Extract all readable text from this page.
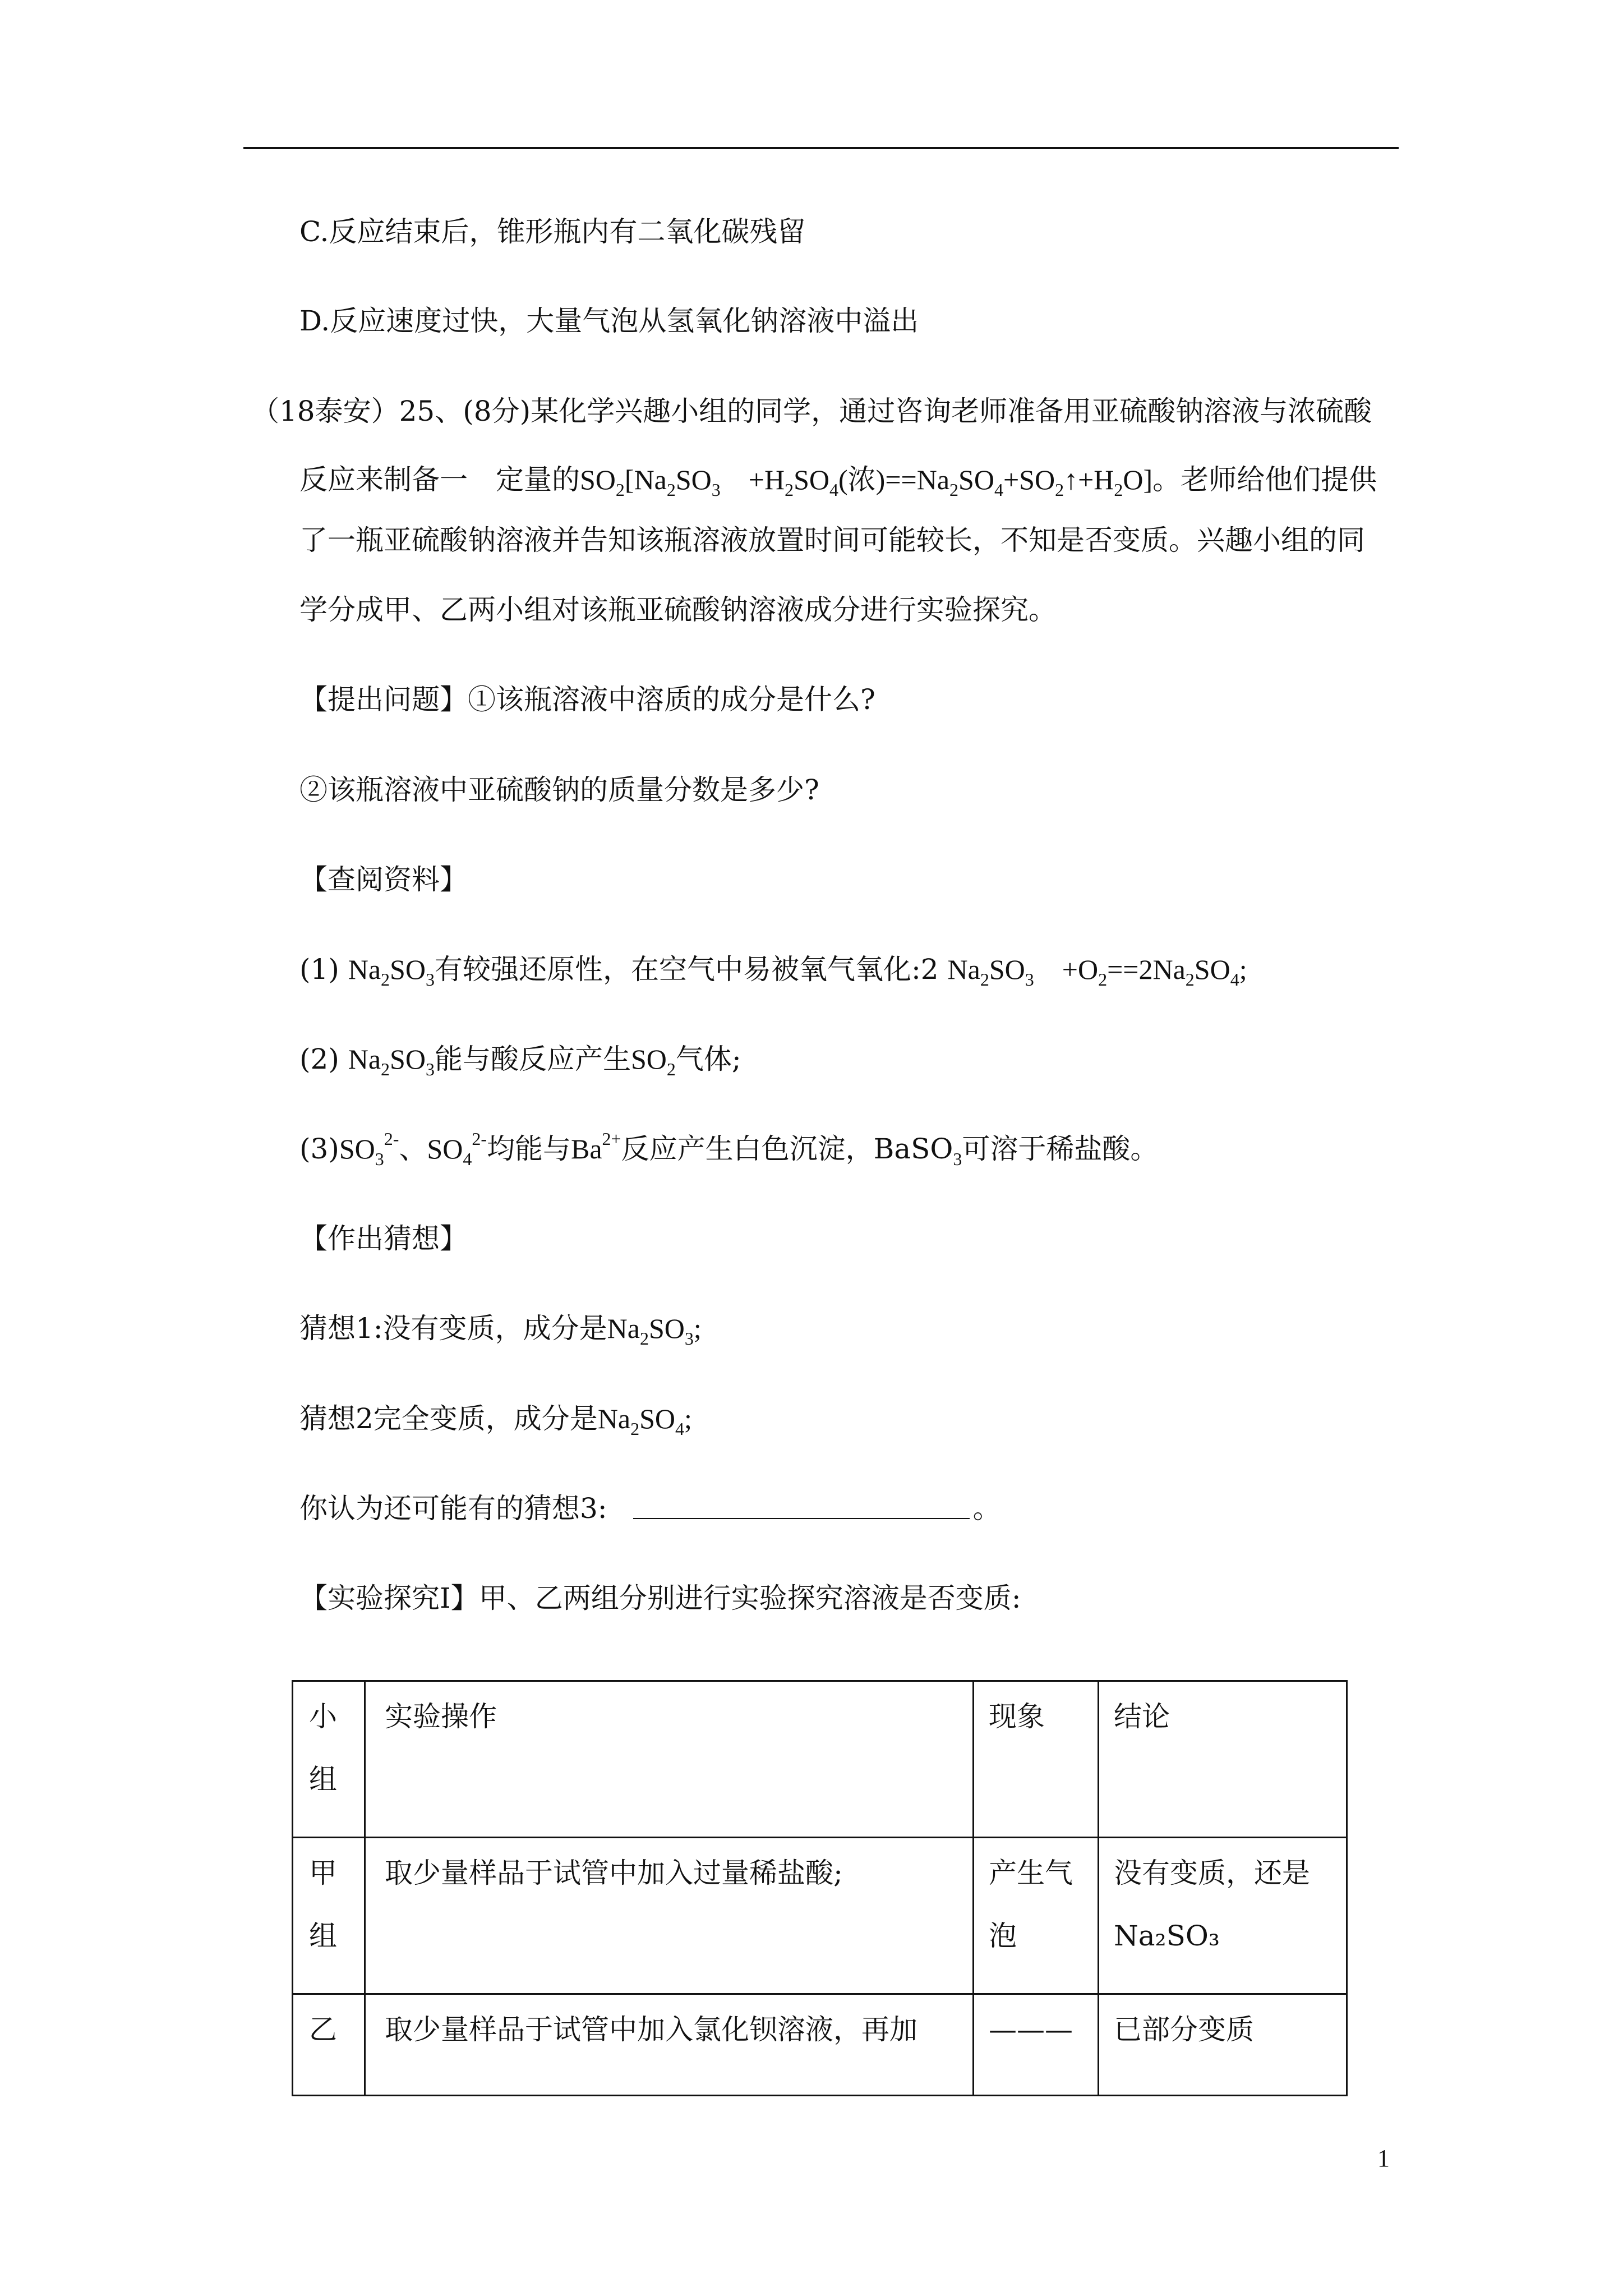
C.反应结束后，锥形瓶内有二氧化碳残留
D.反应速度过快，大量气泡从氢氧化钠溶液中溢出
（18泰安）25、(8分)某化学兴趣小组的同学，通过咨询老师准备用亚硫酸钠溶液与浓硫酸
反应来制备一　定量的$SO_2[Na_2SO_3$　$+H_2SO_4$(浓)$==Na_2SO_4+SO_2↑+H_2O$]。老师给他们提供
了一瓶亚硫酸钠溶液并告知该瓶溶液放置时间可能较长，不知是否变质。兴趣小组的同
学分成甲、乙两小组对该瓶亚硫酸钠溶液成分进行实验探究。
【提出问题】①该瓶溶液中溶质的成分是什么?
②该瓶溶液中亚硫酸钠的质量分数是多少?
【查阅资料】
(1) $Na_2SO_3$有较强还原性，在空气中易被氧气氧化:2 $Na_2SO_3$　$+O_2==2Na_2SO_4$;
(2) $Na_2SO_3$能与酸反应产生$SO_2$气体;
$(3)SO_3^{2-}$、$SO_4^{2-}$均能与$Ba^{2+}$反应产生白色沉淀，BaSO$_3$可溶于稀盐酸。
【作出猜想】
猜想1:没有变质，成分是$Na_2SO_3$;
猜想2完全变质，成分是$Na_2SO_4$;
你认为还可能有的猜想3:	。
【实验探究I】甲、乙两组分别进行实验探究溶液是否变质:
小组	实验操作	现象	结论
甲组	取少量样品于试管中加入过量稀盐酸;	产生气泡	没有变质，还是Na₂SO₃
乙	取少量样品于试管中加入氯化钡溶液，再加	———	已部分变质
1
